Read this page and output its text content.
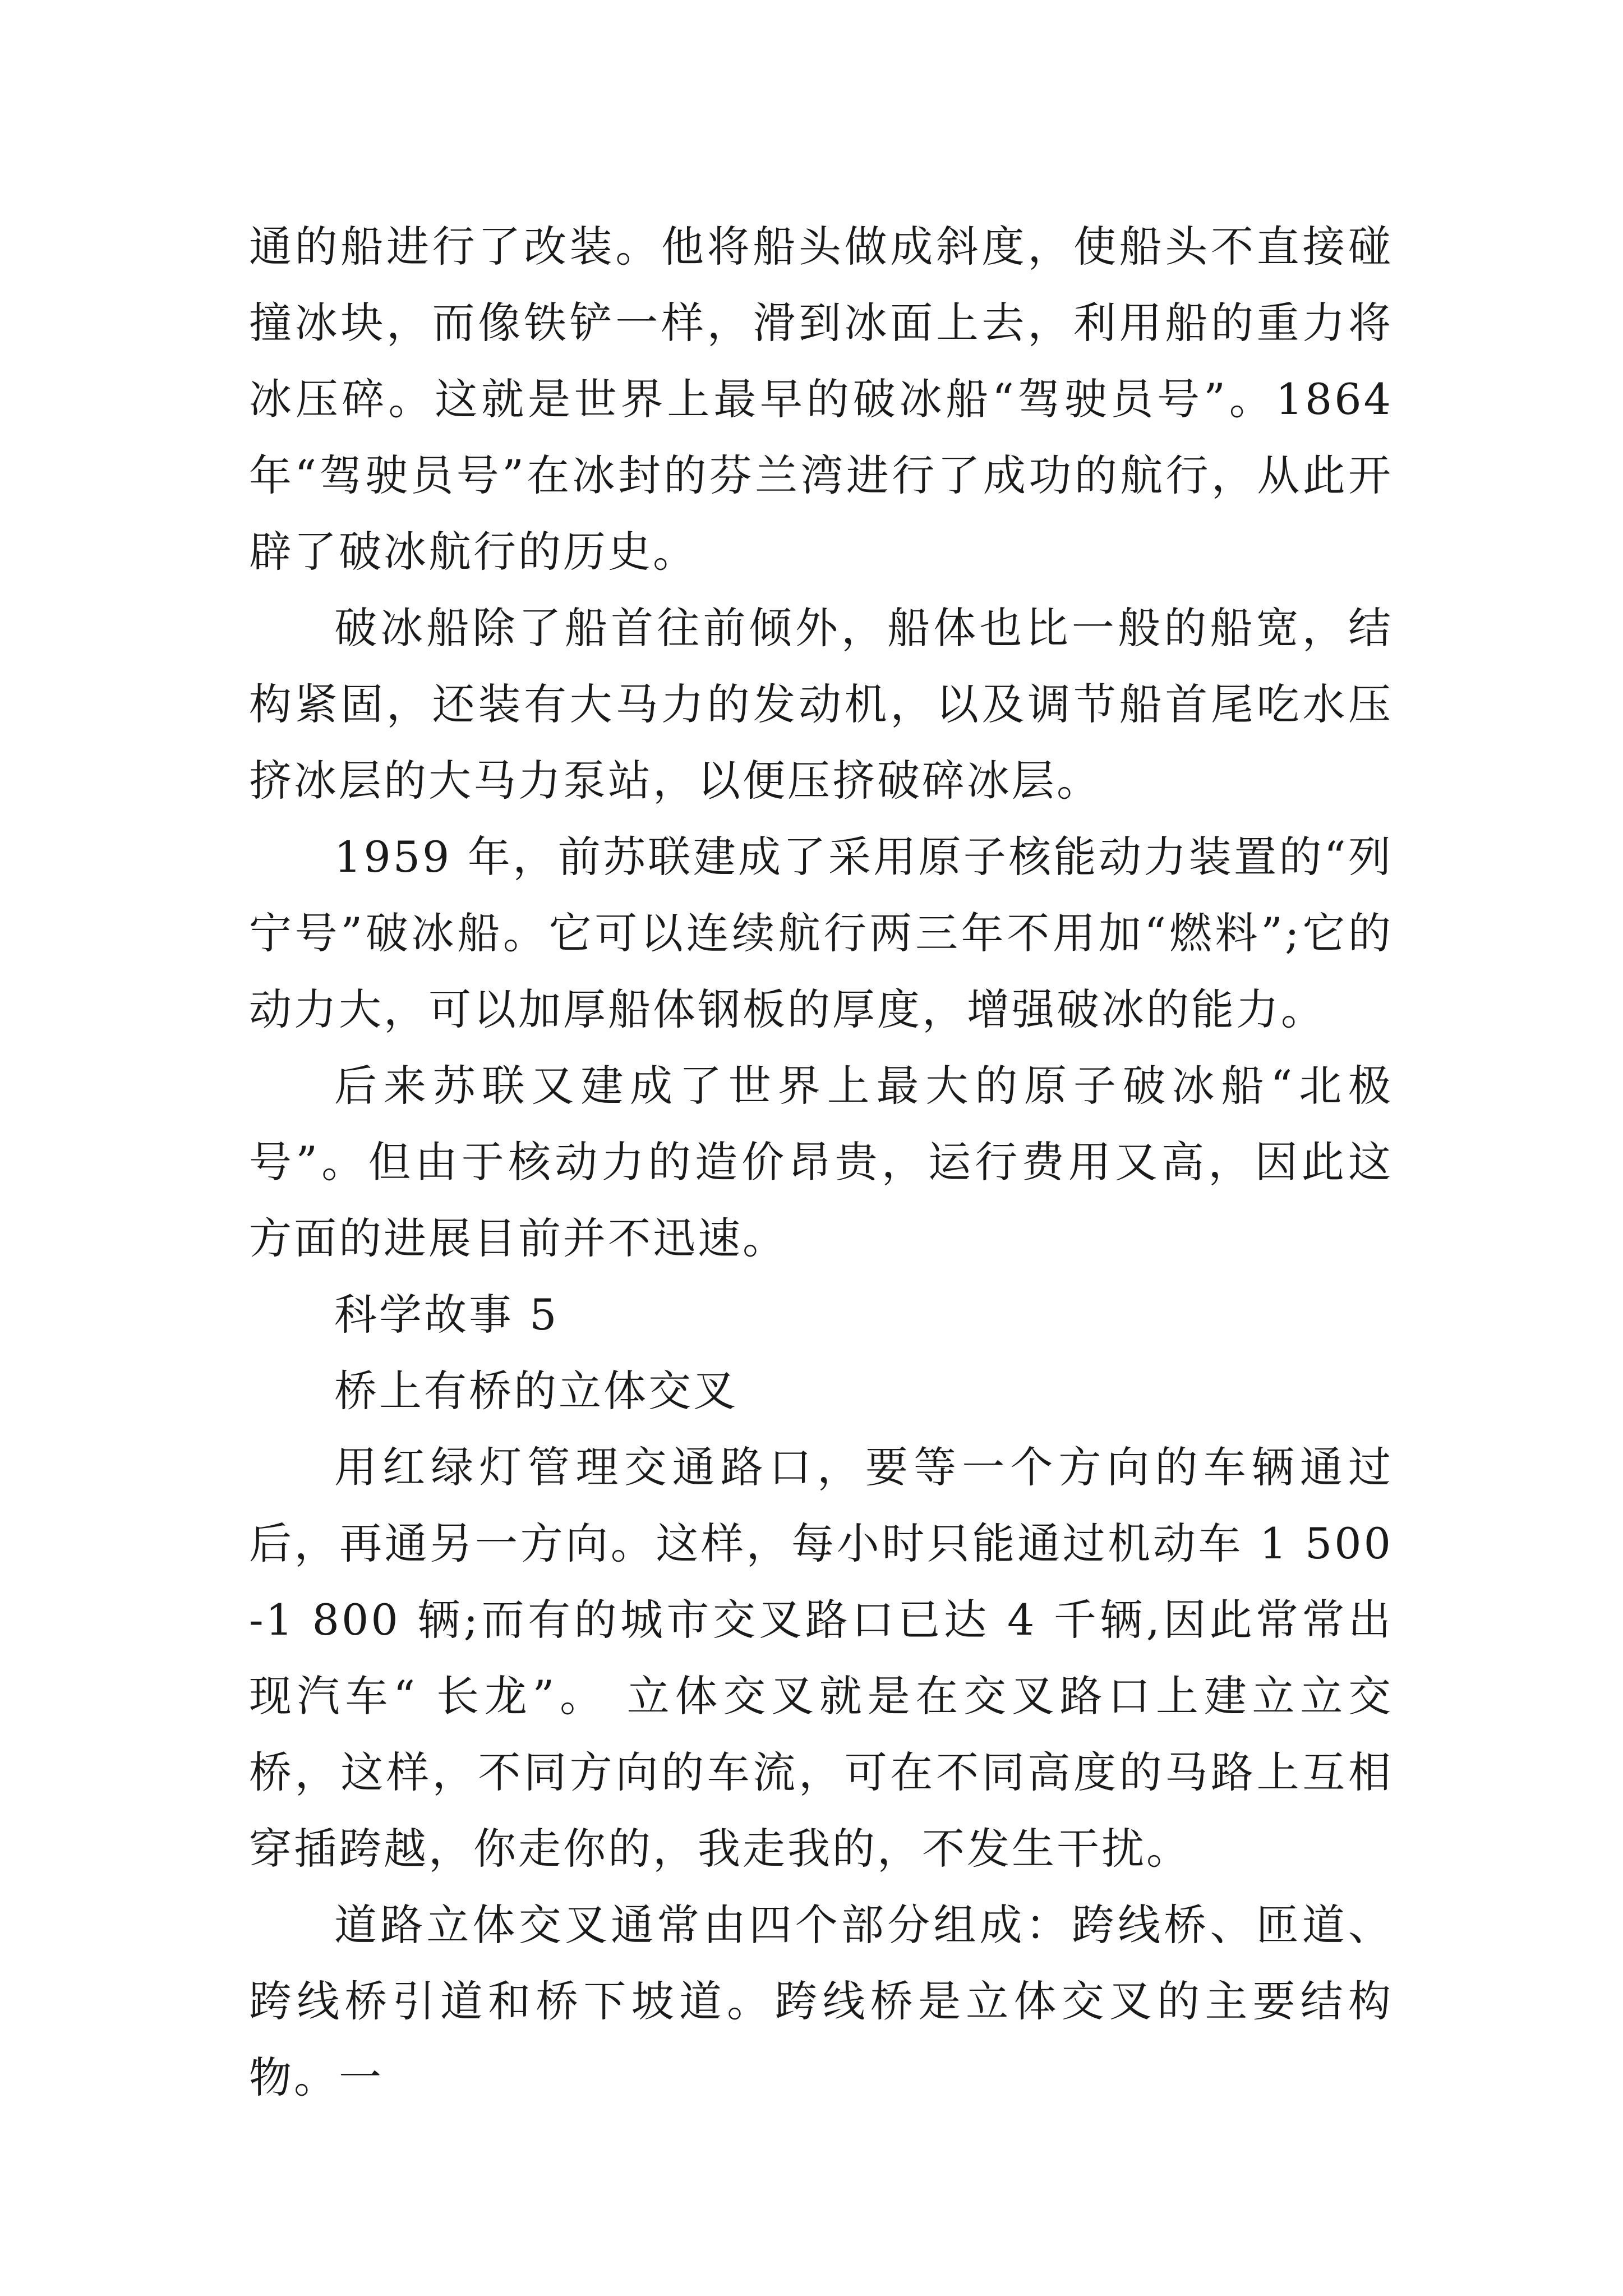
通的船进行了改装。他将船头做成斜度，使船头不直接碰撞冰块，而像铁铲一样，滑到冰面上去，利用船的重力将冰压碎。这就是世界上最早的破冰船“驾驶员号”。1864 年“驾驶员号”在冰封的芬兰湾进行了成功的航行，从此开辟了破冰航行的历史。

破冰船除了船首往前倾外，船体也比一般的船宽，结构紧固，还装有大马力的发动机，以及调节船首尾吃水压挤冰层的大马力泵站，以便压挤破碎冰层。

1959 年，前苏联建成了采用原子核能动力装置的“列宁号”破冰船。它可以连续航行两三年不用加“燃料”;它的动力大，可以加厚船体钢板的厚度，增强破冰的能力。

后来苏联又建成了世界上最大的原子破冰船“北极号”。但由于核动力的造价昂贵，运行费用又高，因此这方面的进展目前并不迅速。

科学故事 5

桥上有桥的立体交叉

用红绿灯管理交通路口，要等一个方向的车辆通过后，再通另一方向。这样，每小时只能通过机动车 1 500-1 800 辆;而有的城市交叉路口已达 4 千辆,因此常常出现汽车“ 长龙”。 立体交叉就是在交叉路口上建立立交桥，这样，不同方向的车流，可在不同高度的马路上互相穿插跨越，你走你的，我走我的，不发生干扰。

道路立体交叉通常由四个部分组成：跨线桥、匝道、跨线桥引道和桥下坡道。跨线桥是立体交叉的主要结构物。一
